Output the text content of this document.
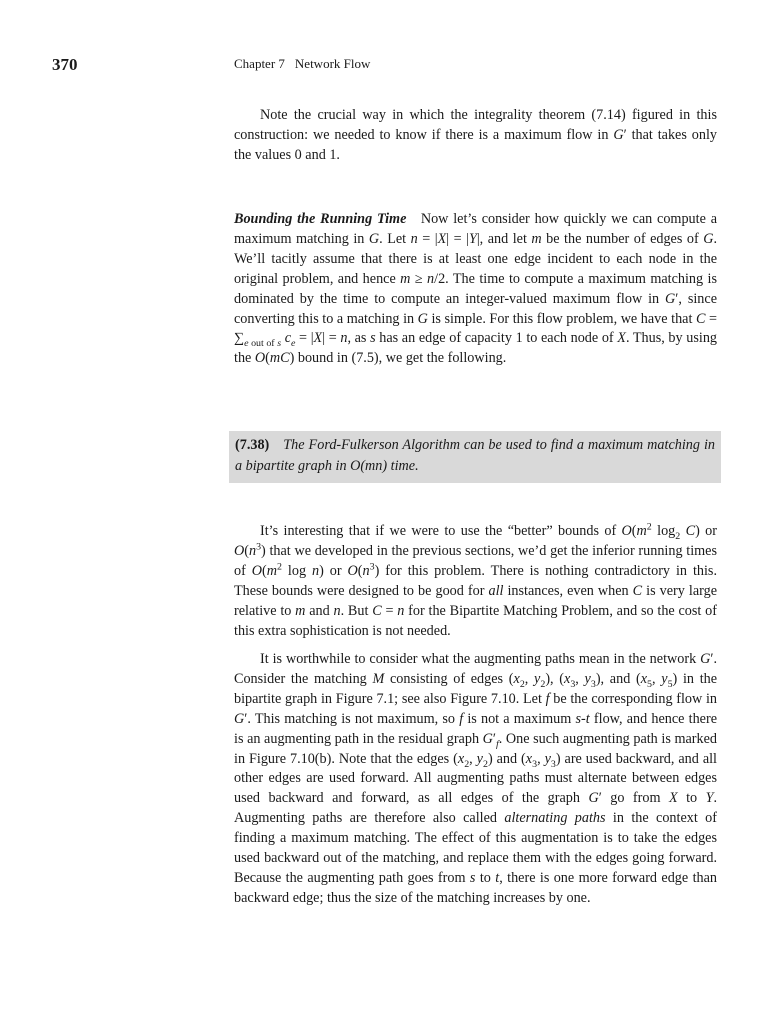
370	Chapter 7 Network Flow

Note the crucial way in which the integrality theorem (7.14) figured in this construction: we needed to know if there is a maximum flow in G′ that takes only the values 0 and 1.

Bounding the Running Time   Now let’s consider how quickly we can compute a maximum matching in G. Let n = |X| = |Y|, and let m be the number of edges of G. We’ll tacitly assume that there is at least one edge incident to each node in the original problem, and hence m ≥ n/2. The time to compute a maximum matching is dominated by the time to compute an integer-valued maximum flow in G′, since converting this to a matching in G is simple. For this flow problem, we have that $C = \sum_{e out of s}$ $c_e = |X| = n$, as s has an edge of capacity 1 to each node of X. Thus, by using the O(mC) bound in (7.5), we get the following.

(7.38) The Ford-Fulkerson Algorithm can be used to find a maximum matching in a bipartite graph in O(mn) time.

It’s interesting that if we were to use the “better” bounds of $O(m^2$ $\log_2 C$) or $O(n^3)$ that we developed in the previous sections, we’d get the inferior running times of $O(m^2$ log n) or $O(n^3)$ for this problem. There is nothing contradictory in this. These bounds were designed to be good for all instances, even when C is very large relative to m and n. But C = n for the Bipartite Matching Problem, and so the cost of this extra sophistication is not needed.

It is worthwhile to consider what the augmenting paths mean in the network G′. Consider the matching M consisting of edges ($x_2$, $y_2$), ($x_3$, $y_3$), and ($x_5$, $y_5$) in the bipartite graph in Figure 7.1; see also Figure 7.10. Let f be the corresponding flow in G′. This matching is not maximum, so f is not a maximum s-t flow, and hence there is an augmenting path in the residual graph $G'_f$. One such augmenting path is marked in Figure 7.10(b). Note that the edges ($x_2$, $y_2$) and ($x_3$, $y_3$) are used backward, and all other edges are used forward. All augmenting paths must alternate between edges used backward and forward, as all edges of the graph G′ go from X to Y. Augmenting paths are therefore also called alternating paths in the context of finding a maximum matching. The effect of this augmentation is to take the edges used backward out of the matching, and replace them with the edges going forward. Because the augmenting path goes from s to t, there is one more forward edge than backward edge; thus the size of the matching increases by one.
